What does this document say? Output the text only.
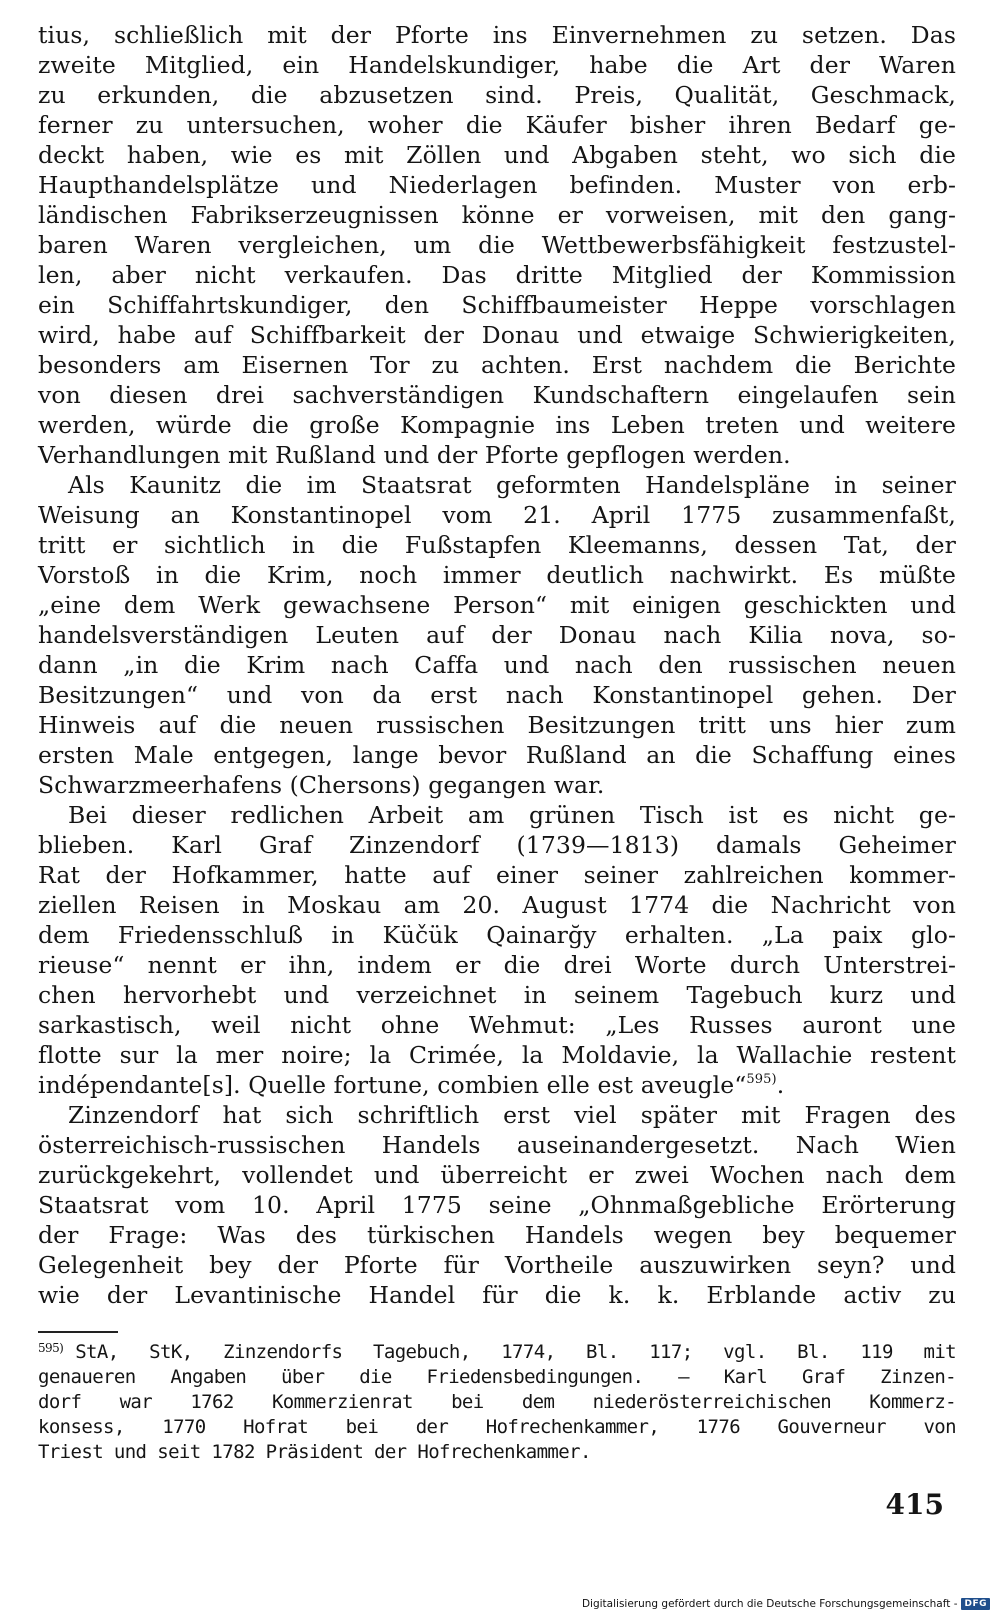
tius, schließlich mit der Pforte ins Einvernehmen zu setzen. Das
zweite Mitglied, ein Handelskundiger, habe die Art der Waren
zu erkunden, die abzusetzen sind. Preis, Qualität, Geschmack,
ferner zu untersuchen, woher die Käufer bisher ihren Bedarf ge-
deckt haben, wie es mit Zöllen und Abgaben steht, wo sich die
Haupthandelsplätze und Niederlagen befinden. Muster von erb-
ländischen Fabrikserzeugnissen könne er vorweisen, mit den gang-
baren Waren vergleichen, um die Wettbewerbsfähigkeit festzustel-
len, aber nicht verkaufen. Das dritte Mitglied der Kommission
ein Schiffahrtskundiger, den Schiffbaumeister Heppe vorschlagen
wird, habe auf Schiffbarkeit der Donau und etwaige Schwierigkeiten,
besonders am Eisernen Tor zu achten. Erst nachdem die Berichte
von diesen drei sachverständigen Kundschaftern eingelaufen sein
werden, würde die große Kompagnie ins Leben treten und weitere
Verhandlungen mit Rußland und der Pforte gepflogen werden.
Als Kaunitz die im Staatsrat geformten Handelspläne in seiner
Weisung an Konstantinopel vom 21. April 1775 zusammenfaßt,
tritt er sichtlich in die Fußstapfen Kleemanns, dessen Tat, der
Vorstoß in die Krim, noch immer deutlich nachwirkt. Es müßte
„eine dem Werk gewachsene Person“ mit einigen geschickten und
handelsverständigen Leuten auf der Donau nach Kilia nova, so-
dann „in die Krim nach Caffa und nach den russischen neuen
Besitzungen“ und von da erst nach Konstantinopel gehen. Der
Hinweis auf die neuen russischen Besitzungen tritt uns hier zum
ersten Male entgegen, lange bevor Rußland an die Schaffung eines
Schwarzmeerhafens (Chersons) gegangen war.
Bei dieser redlichen Arbeit am grünen Tisch ist es nicht ge-
blieben. Karl Graf Zinzendorf (1739—1813) damals Geheimer
Rat der Hofkammer, hatte auf einer seiner zahlreichen kommer-
ziellen Reisen in Moskau am 20. August 1774 die Nachricht von
dem Friedensschluß in Küčük Qainarğy erhalten. „La paix glo-
rieuse“ nennt er ihn, indem er die drei Worte durch Unterstrei-
chen hervorhebt und verzeichnet in seinem Tagebuch kurz und
sarkastisch, weil nicht ohne Wehmut: „Les Russes auront une
flotte sur la mer noire; la Crimée, la Moldavie, la Wallachie restent
indépendante[s]. Quelle fortune, combien elle est aveugle“$^{595)}$.
Zinzendorf hat sich schriftlich erst viel später mit Fragen des
österreichisch-russischen Handels auseinandergesetzt. Nach Wien
zurückgekehrt, vollendet und überreicht er zwei Wochen nach dem
Staatsrat vom 10. April 1775 seine „Ohnmaßgebliche Erörterung
der Frage: Was des türkischen Handels wegen bey bequemer
Gelegenheit bey der Pforte für Vortheile auszuwirken seyn? und
wie der Levantinische Handel für die k. k. Erblande activ zu
$^{595)}$ StA, StK, Zinzendorfs Tagebuch, 1774, Bl. 117; vgl. Bl. 119 mit
genaueren Angaben über die Friedensbedingungen. — Karl Graf Zinzen-
dorf war 1762 Kommerzienrat bei dem niederösterreichischen Kommerz-
konsess, 1770 Hofrat bei der Hofrechenkammer, 1776 Gouverneur von
Triest und seit 1782 Präsident der Hofrechenkammer.
415
Digitalisierung gefördert durch die Deutsche Forschungsgemeinschaft - DFG
